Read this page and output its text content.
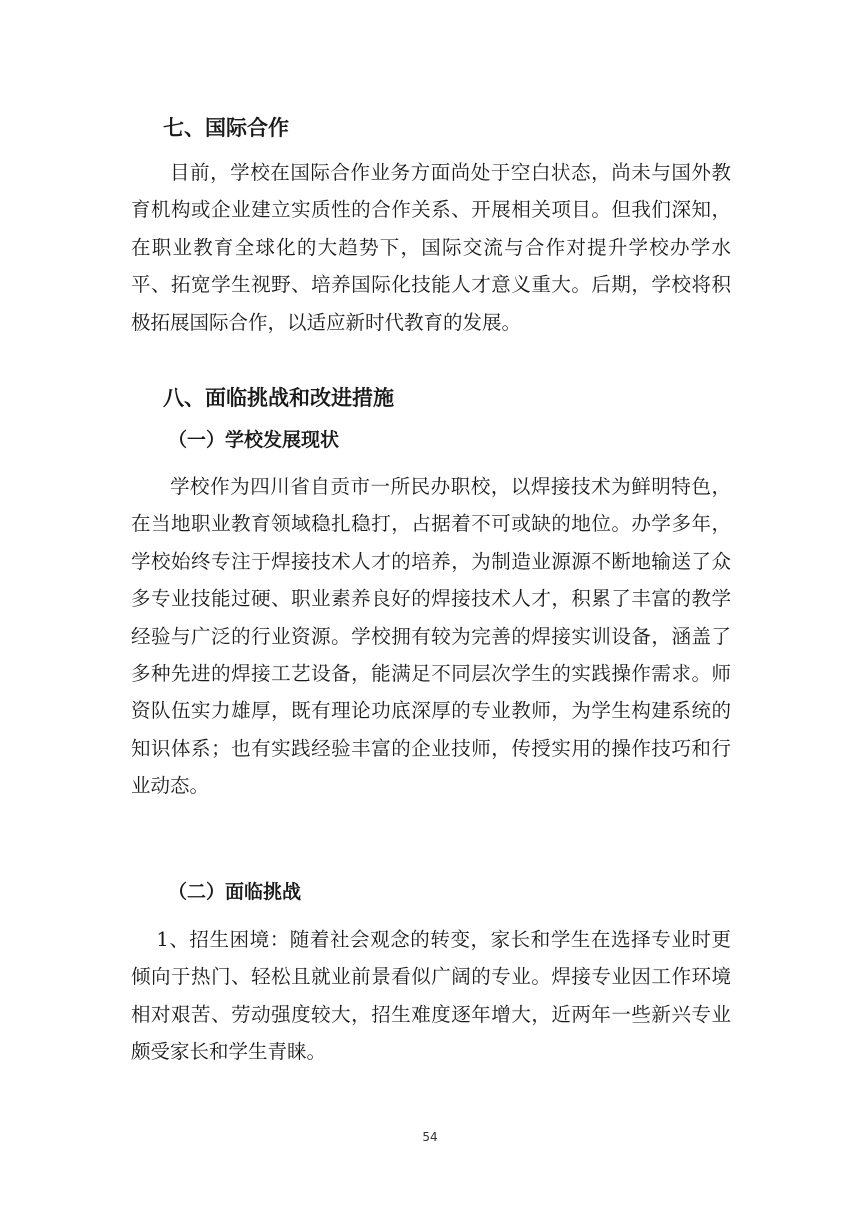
七、国际合作
目前，学校在国际合作业务方面尚处于空白状态，尚未与国外教育机构或企业建立实质性的合作关系、开展相关项目。但我们深知，在职业教育全球化的大趋势下，国际交流与合作对提升学校办学水平、拓宽学生视野、培养国际化技能人才意义重大。后期，学校将积极拓展国际合作，以适应新时代教育的发展。
八、面临挑战和改进措施
（一）学校发展现状
学校作为四川省自贡市一所民办职校，以焊接技术为鲜明特色，在当地职业教育领域稳扎稳打，占据着不可或缺的地位。办学多年，学校始终专注于焊接技术人才的培养，为制造业源源不断地输送了众多专业技能过硬、职业素养良好的焊接技术人才，积累了丰富的教学经验与广泛的行业资源。学校拥有较为完善的焊接实训设备，涵盖了多种先进的焊接工艺设备，能满足不同层次学生的实践操作需求。师资队伍实力雄厚，既有理论功底深厚的专业教师，为学生构建系统的知识体系；也有实践经验丰富的企业技师，传授实用的操作技巧和行业动态。
（二）面临挑战
1、招生困境：随着社会观念的转变，家长和学生在选择专业时更倾向于热门、轻松且就业前景看似广阔的专业。焊接专业因工作环境相对艰苦、劳动强度较大，招生难度逐年增大，近两年一些新兴专业颇受家长和学生青睐。
54
